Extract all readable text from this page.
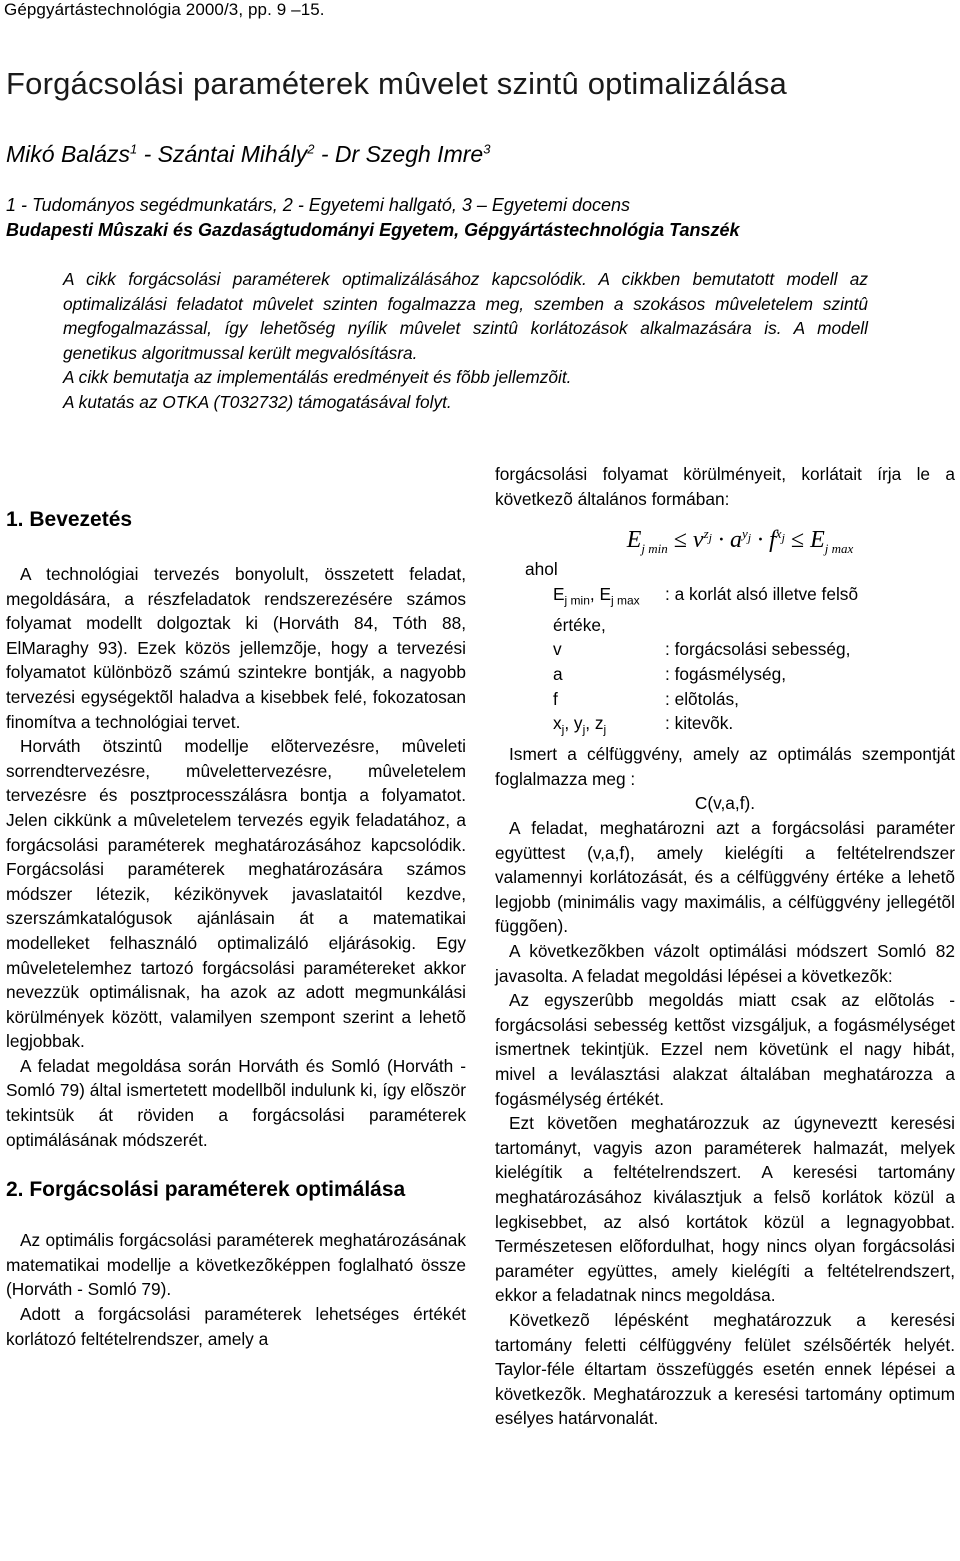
Gépgyártástechnológia 2000/3, pp. 9 –15.
Forgácsolási paraméterek mûvelet szintû optimalizálása
Mikó Balázs$^1$ - Szántai Mihály$^2$ - Dr Szegh Imre$^3$
1 - Tudományos segédmunkatárs, 2 - Egyetemi hallgató, 3 – Egyetemi docens
Budapesti Mûszaki és Gazdaságtudományi Egyetem, Gépgyártástechnológia Tanszék

A cikk forgácsolási paraméterek optimalizálásához kapcsolódik. A cikkben bemutatott modell az optimalizálási feladatot mûvelet szinten fogalmazza meg, szemben a szokásos mûveletelem szintû megfogalmazással, így lehetõség nyílik mûvelet szintû korlátozások alkalmazására is. A modell genetikus algoritmussal került megvalósításra.

A cikk bemutatja az implementálás eredményeit és fõbb jellemzõit.

A kutatás az OTKA (T032732) támogatásával folyt.

1. Bevezetés

A technológiai tervezés bonyolult, összetett feladat, megoldására, a részfeladatok rendszerezésére számos folyamat modellt dolgoztak ki (Horváth 84, Tóth 88, ElMaraghy 93). Ezek közös jellemzõje, hogy a tervezési folyamatot különbözõ számú szintekre bontják, a nagyobb tervezési egységektõl haladva a kisebbek felé, fokozatosan finomítva a technológiai tervet.

Horváth ötszintû modellje elõtervezésre, mûveleti sorrendtervezésre, mûvelettervezésre, mûveletelem tervezésre és posztprocesszálásra bontja a folyamatot. Jelen cikkünk a mûveletelem tervezés egyik feladatához, a forgácsolási paraméterek meghatározásához kapcsolódik. Forgácsolási paraméterek meghatározására számos módszer létezik, kézikönyvek javaslataitól kezdve, szerszámkatalógusok ajánlásain át a matematikai modelleket felhasználó optimalizáló eljárásokig. Egy mûveletelemhez tartozó forgácsolási paramétereket akkor nevezzük optimálisnak, ha azok az adott megmunkálási körülmények között, valamilyen szempont szerint a lehetõ legjobbak.

A feladat megoldása során Horváth és Somló (Horváth - Somló 79) által ismertetett modellbõl indulunk ki, így elõször tekintsük át röviden a forgácsolási paraméterek optimálásának módszerét.

2. Forgácsolási paraméterek optimálása

Az optimális forgácsolási paraméterek meghatározásának matematikai modellje a következõképpen foglalható össze (Horváth - Somló 79).

Adott a forgácsolási paraméterek lehetséges értékét korlátozó feltételrendszer, amely a

forgácsolási folyamat körülményeit, korlátait írja le a következõ általános formában:

$E_{j min} \le v^{z_j} \cdot a^{y_j} \cdot f^{x_j} \le E_{j max}$
ahol
$E_{j min}$, $E_{j max}$	: a korlát alsó illetve felsõ
értéke,
v	: forgácsolási sebesség,
a	: fogásmélység,
f	: elõtolás,
$x_j$, $y_j$, $z_j$	: kitevõk.

Ismert a célfüggvény, amely az optimálás szempontját foglalmazza meg :

C(v,a,f).

A feladat, meghatározni azt a forgácsolási paraméter együttest (v,a,f), amely kielégíti a feltételrendszer valamennyi korlátozását, és a célfüggvény értéke a lehetõ legjobb (minimális vagy maximális, a célfüggvény jellegétõl függõen).

A következõkben vázolt optimálási módszert Somló 82 javasolta. A feladat megoldási lépései a következõk:

Az egyszerûbb megoldás miatt csak az elõtolás - forgácsolási sebesség kettõst vizsgáljuk, a fogásmélységet ismertnek tekintjük. Ezzel nem követünk el nagy hibát, mivel a leválasztási alakzat általában meghatározza a fogásmélység értékét.

Ezt követõen meghatározzuk az úgyneveztt keresési tartományt, vagyis azon paraméterek halmazát, melyek kielégítik a feltételrendszert. A keresési tartomány meghatározásához kiválasztjuk a felsõ korlátok közül a legkisebbet, az alsó kortátok közül a legnagyobbat. Természetesen elõfordulhat, hogy nincs olyan forgácsolási paraméter együttes, amely kielégíti a feltételrendszert, ekkor a feladatnak nincs megoldása.

Következõ lépésként meghatározzuk a keresési tartomány feletti célfüggvény felület szélsõérték helyét. Taylor-féle éltartam összefüggés esetén ennek lépései a következõk. Meghatározzuk a keresési tartomány optimum esélyes határvonalát.
